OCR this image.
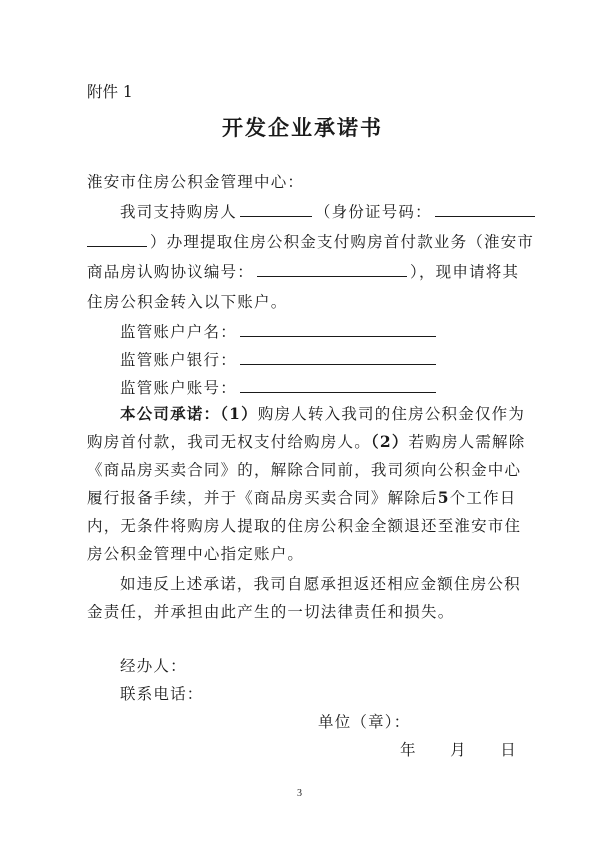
附件 1
开发企业承诺书
淮安市住房公积金管理中心：
我司支持购房人	（身份证号码：
）办理提取住房公积金支付购房首付款业务（淮安市
商品房认购协议编号：	），现申请将其
住房公积金转入以下账户。
监管账户户名：
监管账户银行：
监管账户账号：
本公司承诺：（1）购房人转入我司的住房公积金仅作为
购房首付款，我司无权支付给购房人。（2）若购房人需解除
《商品房买卖合同》的，解除合同前，我司须向公积金中心
履行报备手续，并于《商品房买卖合同》解除后5个工作日
内，无条件将购房人提取的住房公积金全额退还至淮安市住
房公积金管理中心指定账户。
如违反上述承诺，我司自愿承担返还相应金额住房公积
金责任，并承担由此产生的一切法律责任和损失。
经办人：
联系电话：
单位（章）：
年　　月　　日
3
